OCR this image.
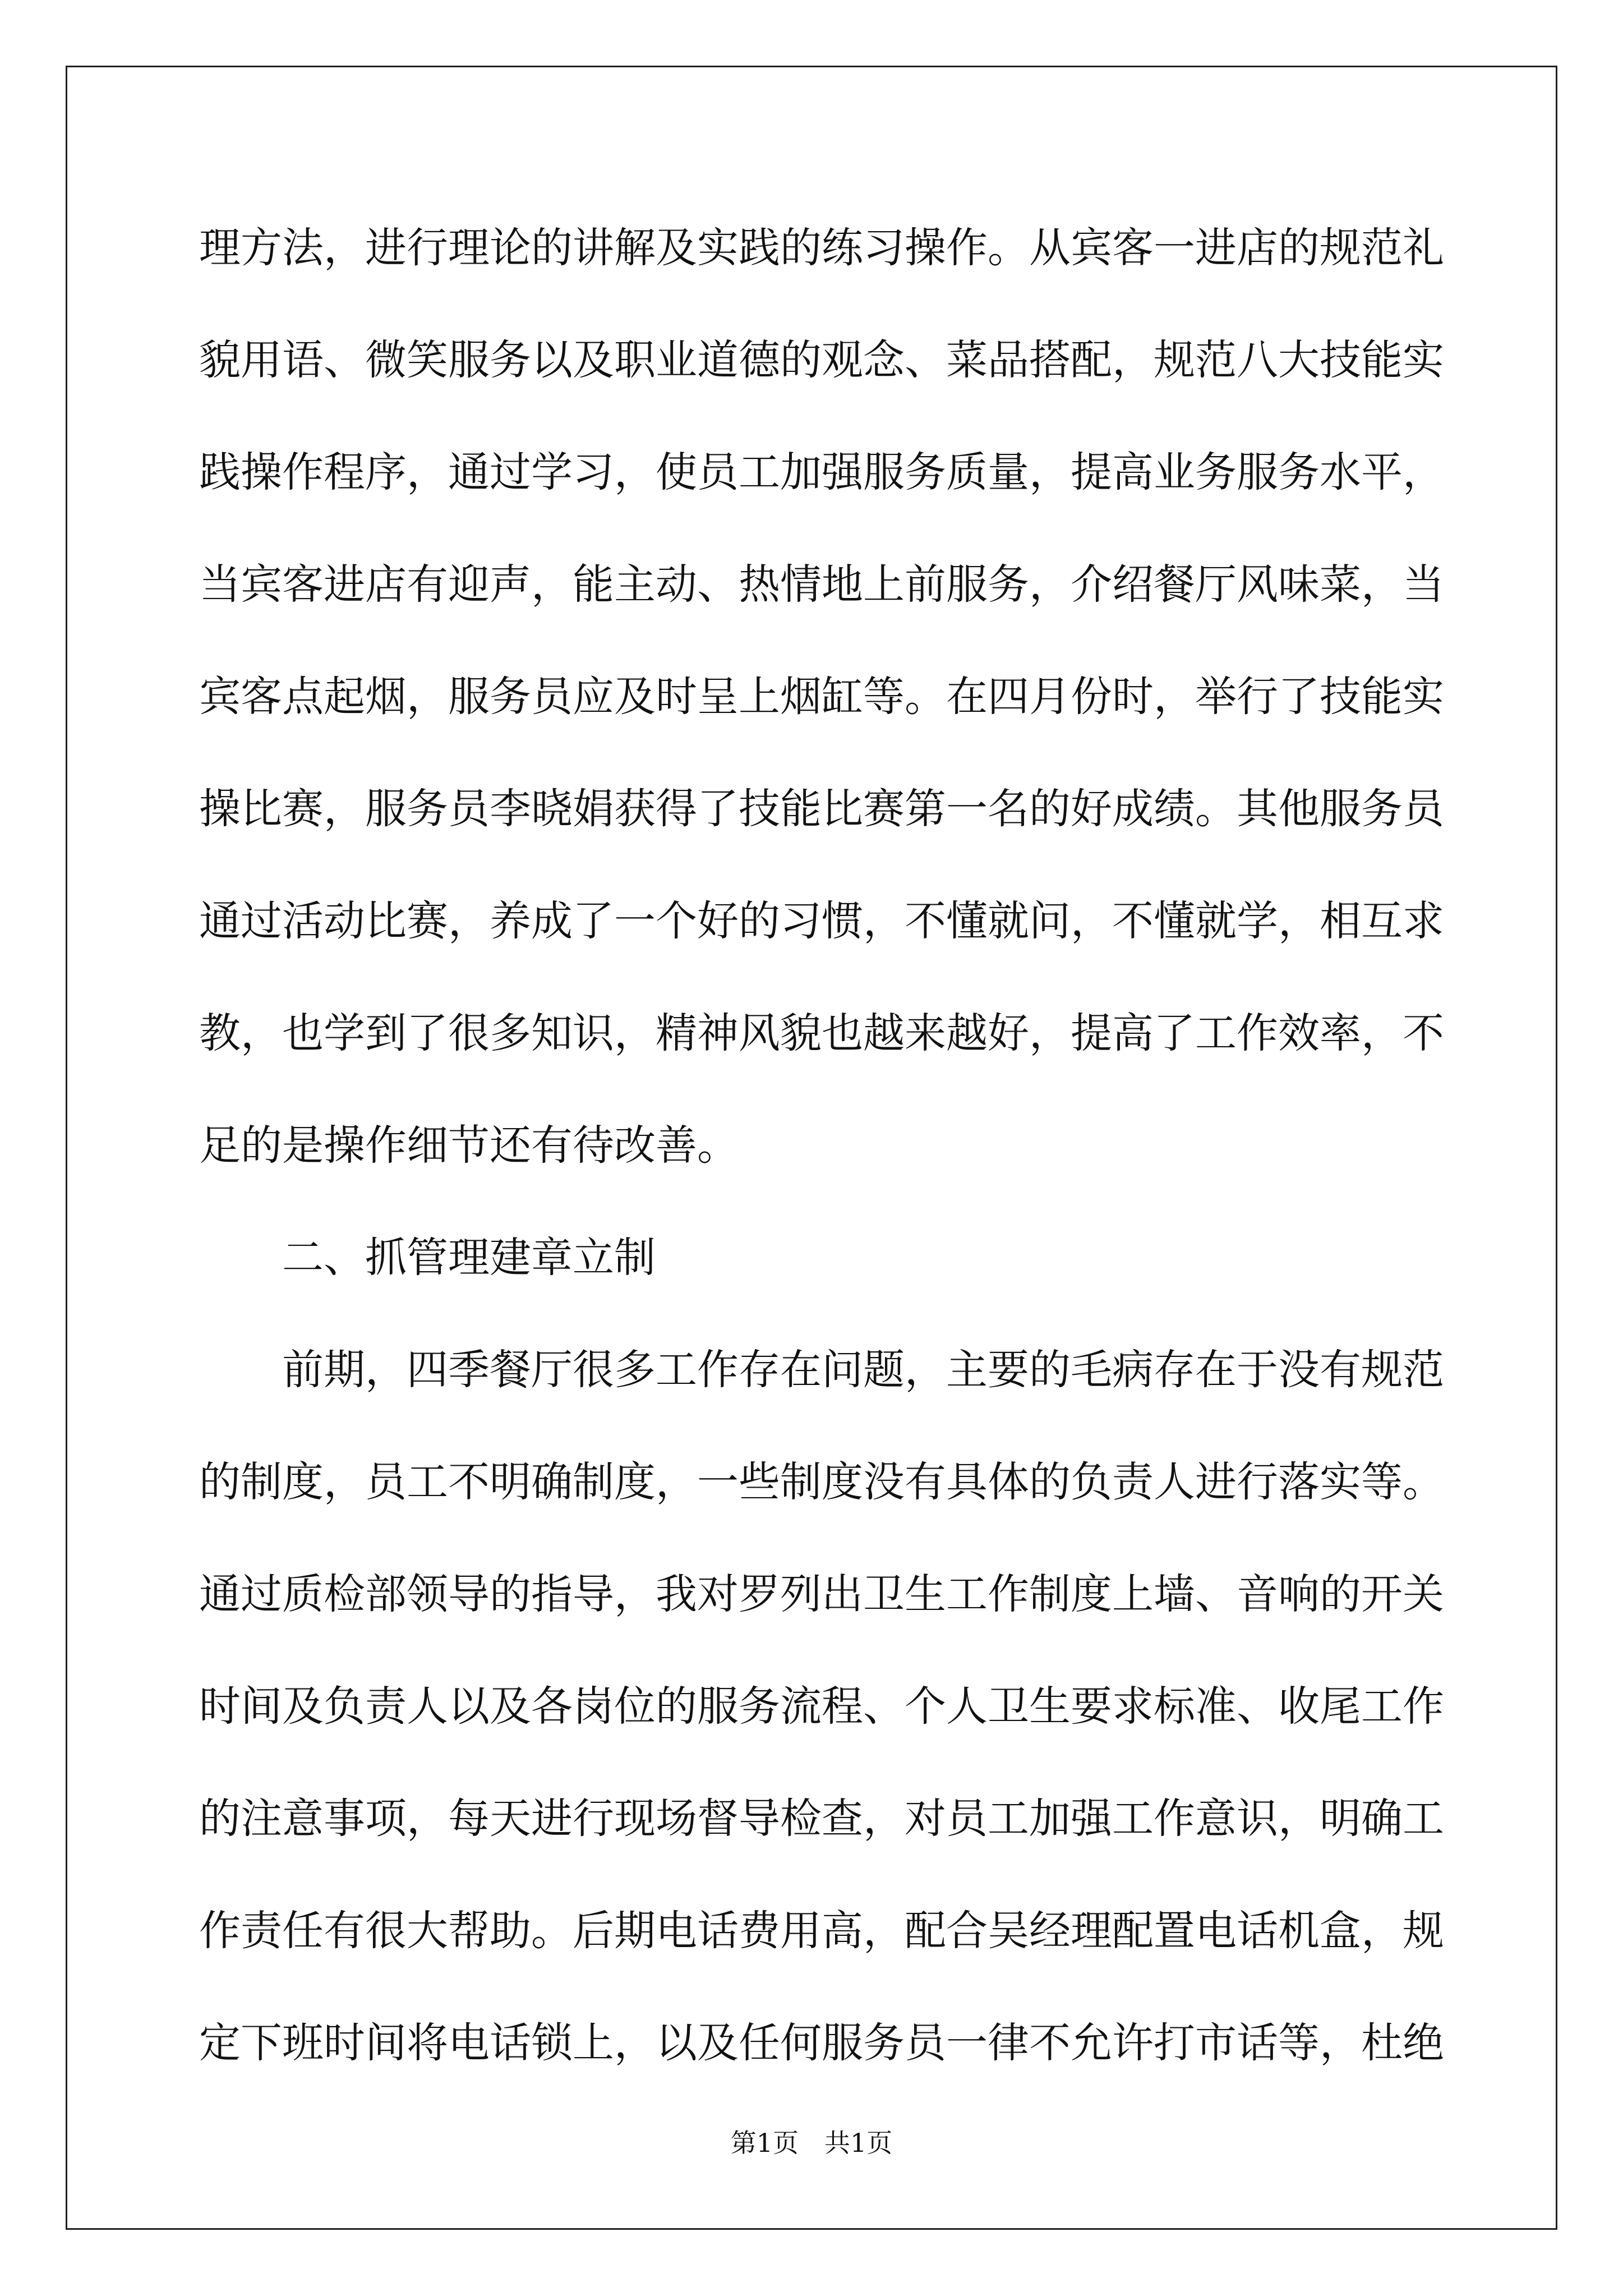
理方法，进行理论的讲解及实践的练习操作。从宾客一进店的规范礼
貌用语、微笑服务以及职业道德的观念、菜品搭配，规范八大技能实
践操作程序，通过学习，使员工加强服务质量，提高业务服务水平，
当宾客进店有迎声，能主动、热情地上前服务，介绍餐厅风味菜，当
宾客点起烟，服务员应及时呈上烟缸等。在四月份时，举行了技能实
操比赛，服务员李晓娟获得了技能比赛第一名的好成绩。其他服务员
通过活动比赛，养成了一个好的习惯，不懂就问，不懂就学，相互求
教，也学到了很多知识，精神风貌也越来越好，提高了工作效率，不
足的是操作细节还有待改善。
二、抓管理建章立制
前期，四季餐厅很多工作存在问题，主要的毛病存在于没有规范
的制度，员工不明确制度，一些制度没有具体的负责人进行落实等。
通过质检部领导的指导，我对罗列出卫生工作制度上墙、音响的开关
时间及负责人以及各岗位的服务流程、个人卫生要求标准、收尾工作
的注意事项，每天进行现场督导检查，对员工加强工作意识，明确工
作责任有很大帮助。后期电话费用高，配合吴经理配置电话机盒，规
定下班时间将电话锁上，以及任何服务员一律不允许打市话等，杜绝
第1页　共1页
